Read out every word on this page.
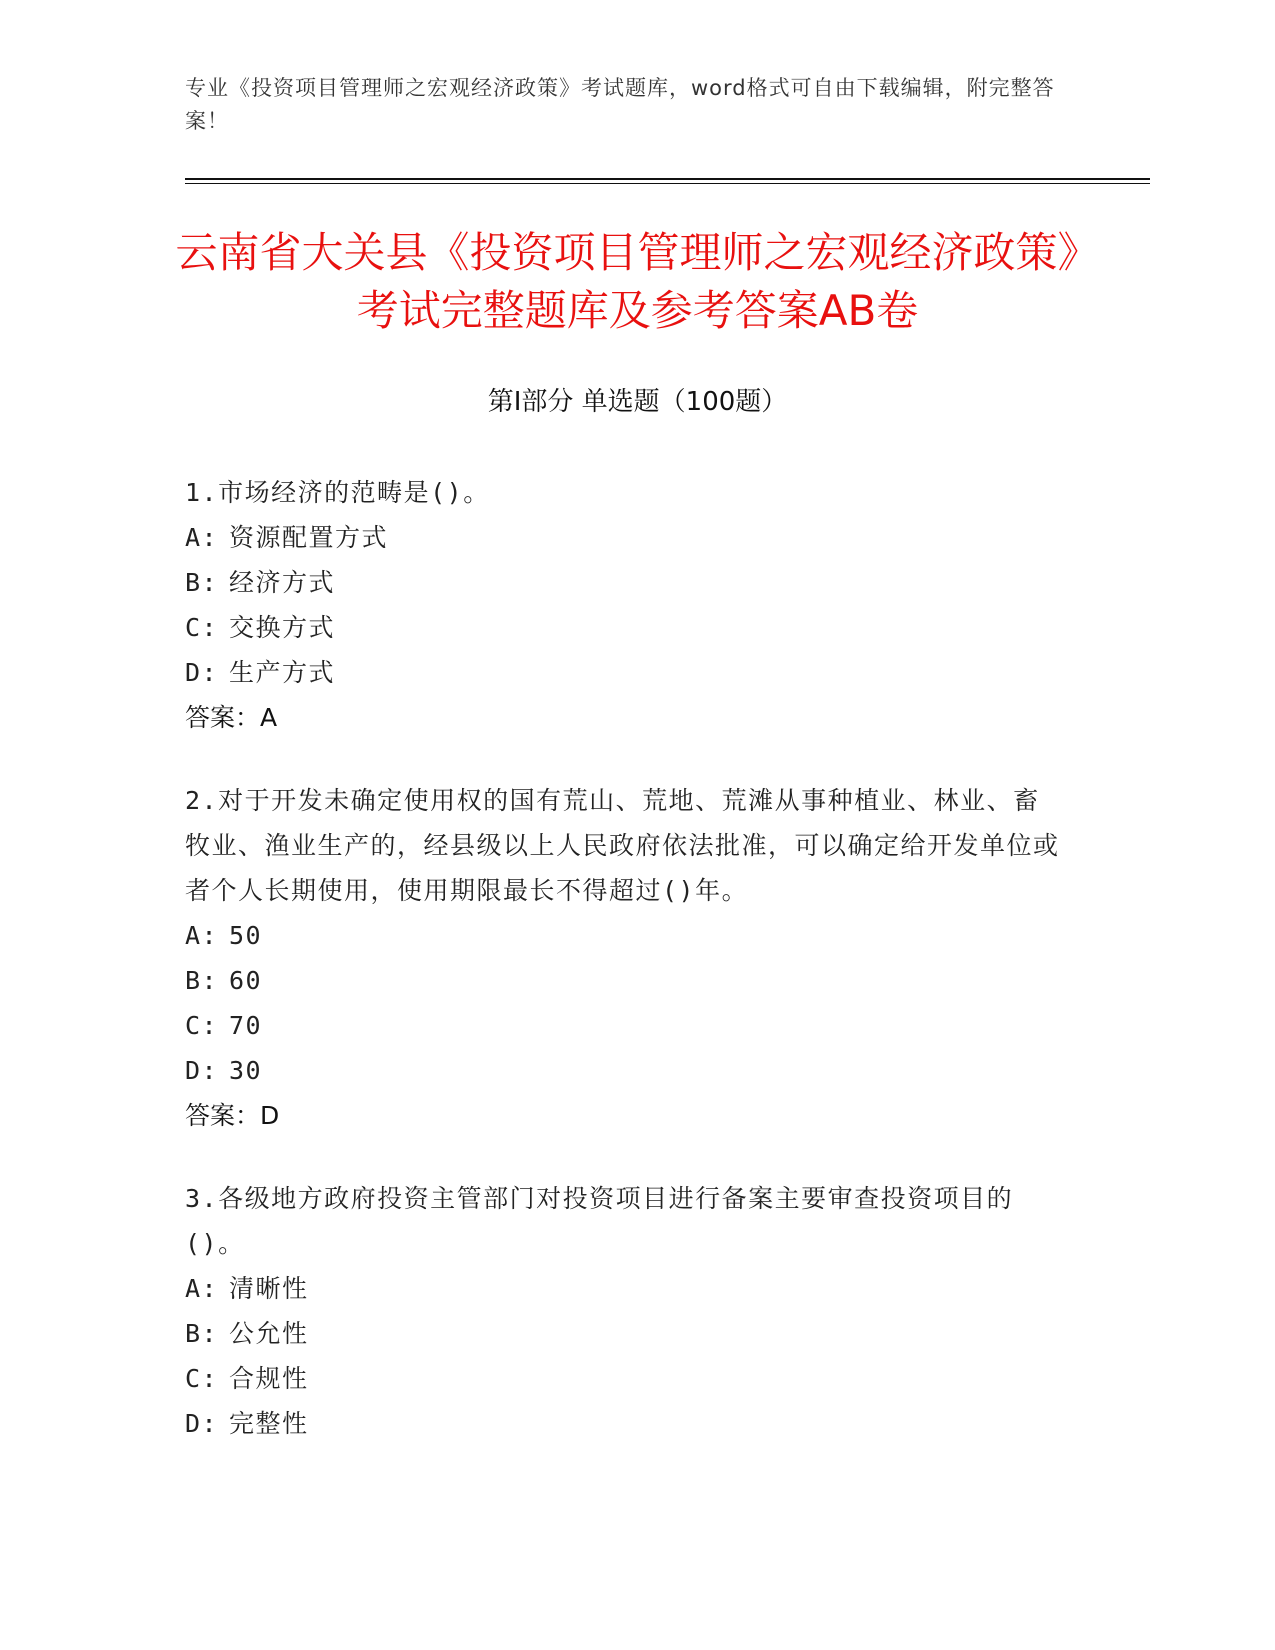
专业《投资项目管理师之宏观经济政策》考试题库，word格式可自由下载编辑，附完整答案！
云南省大关县《投资项目管理师之宏观经济政策》考试完整题库及参考答案AB卷
第Ⅰ部分 单选题（100题）

1.市场经济的范畴是()。

A: 资源配置方式

B: 经济方式

C: 交换方式

D: 生产方式

答案：A

2.对于开发未确定使用权的国有荒山、荒地、荒滩从事种植业、林业、畜牧业、渔业生产的，经县级以上人民政府依法批准，可以确定给开发单位或者个人长期使用，使用期限最长不得超过()年。

A: 50

B: 60

C: 70

D: 30

答案：D

3.各级地方政府投资主管部门对投资项目进行备案主要审查投资项目的()。

A: 清晰性

B: 公允性

C: 合规性

D: 完整性
